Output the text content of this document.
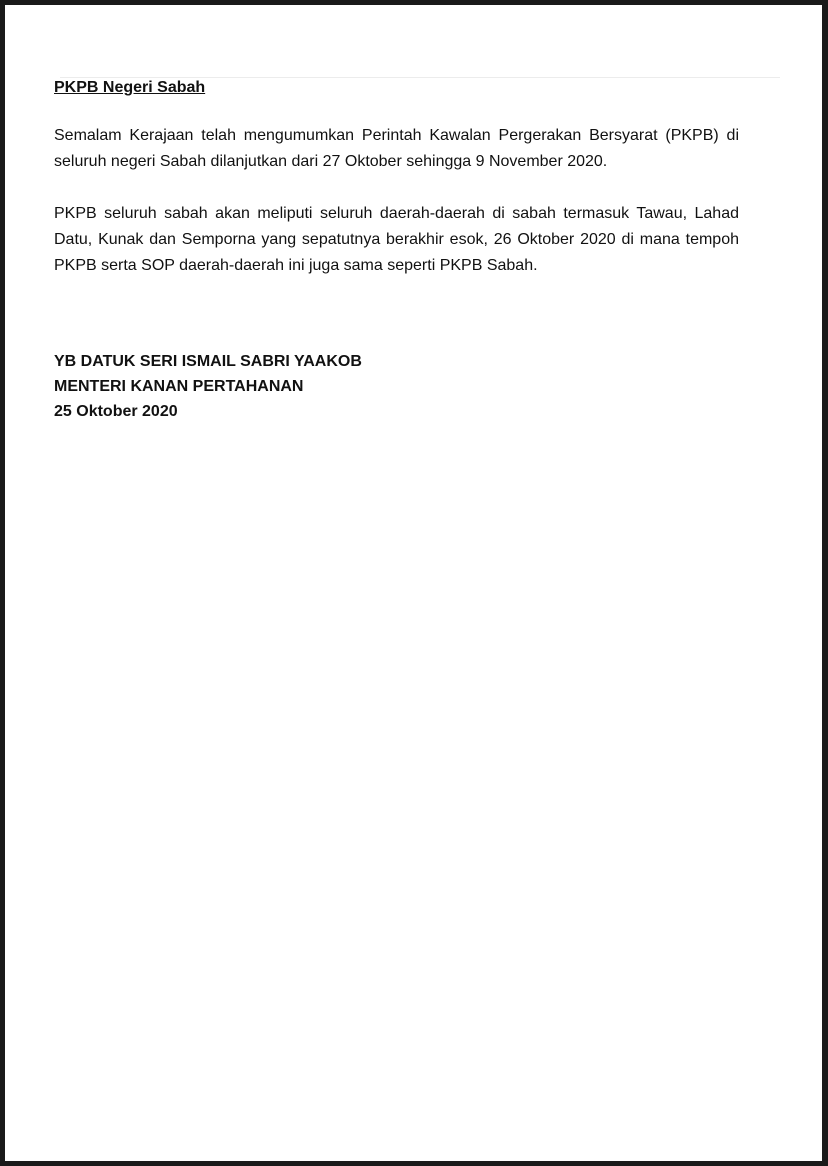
PKPB Negeri Sabah

Semalam Kerajaan telah mengumumkan Perintah Kawalan Pergerakan Bersyarat (PKPB) di seluruh negeri Sabah dilanjutkan dari 27 Oktober sehingga 9 November 2020.

PKPB seluruh sabah akan meliputi seluruh daerah-daerah di sabah termasuk Tawau, Lahad Datu, Kunak dan Semporna yang sepatutnya berakhir esok, 26 Oktober 2020 di mana tempoh PKPB serta SOP daerah-daerah ini juga sama seperti PKPB Sabah.

YB DATUK SERI ISMAIL SABRI YAAKOB
MENTERI KANAN PERTAHANAN
25 Oktober 2020
